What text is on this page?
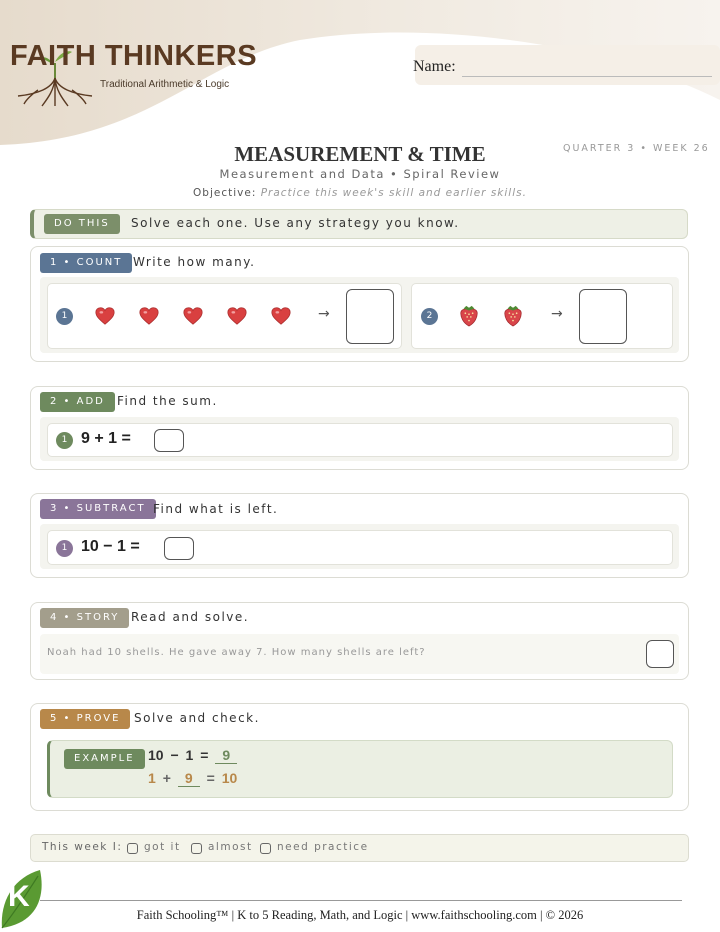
FAITH THINKERS
Traditional Arithmetic & Logic
Name:
QUARTER 3 • WEEK 26
MEASUREMENT & TIME
Measurement and Data • Spiral Review
Objective: Practice this week's skill and earlier skills.
DO THIS	Solve each one. Use any strategy you know.
1 • COUNT Write how many.
1	→	2	→
2 • ADD	Find the sum.
1 9 + 1 =
3 • SUBTRACT Find what is left.
1 10 − 1 =
4 • STORY Read and solve.
Noah had 10 shells. He gave away 7. How many shells are left?
5 • PROVE	Solve and check.
EXAMPLE 10 − 1 = 9
1 + 9 = 10
This week I: got it	almost need practice
K
Faith Schooling™ | K to 5 Reading, Math, and Logic | www.faithschooling.com | © 2026
